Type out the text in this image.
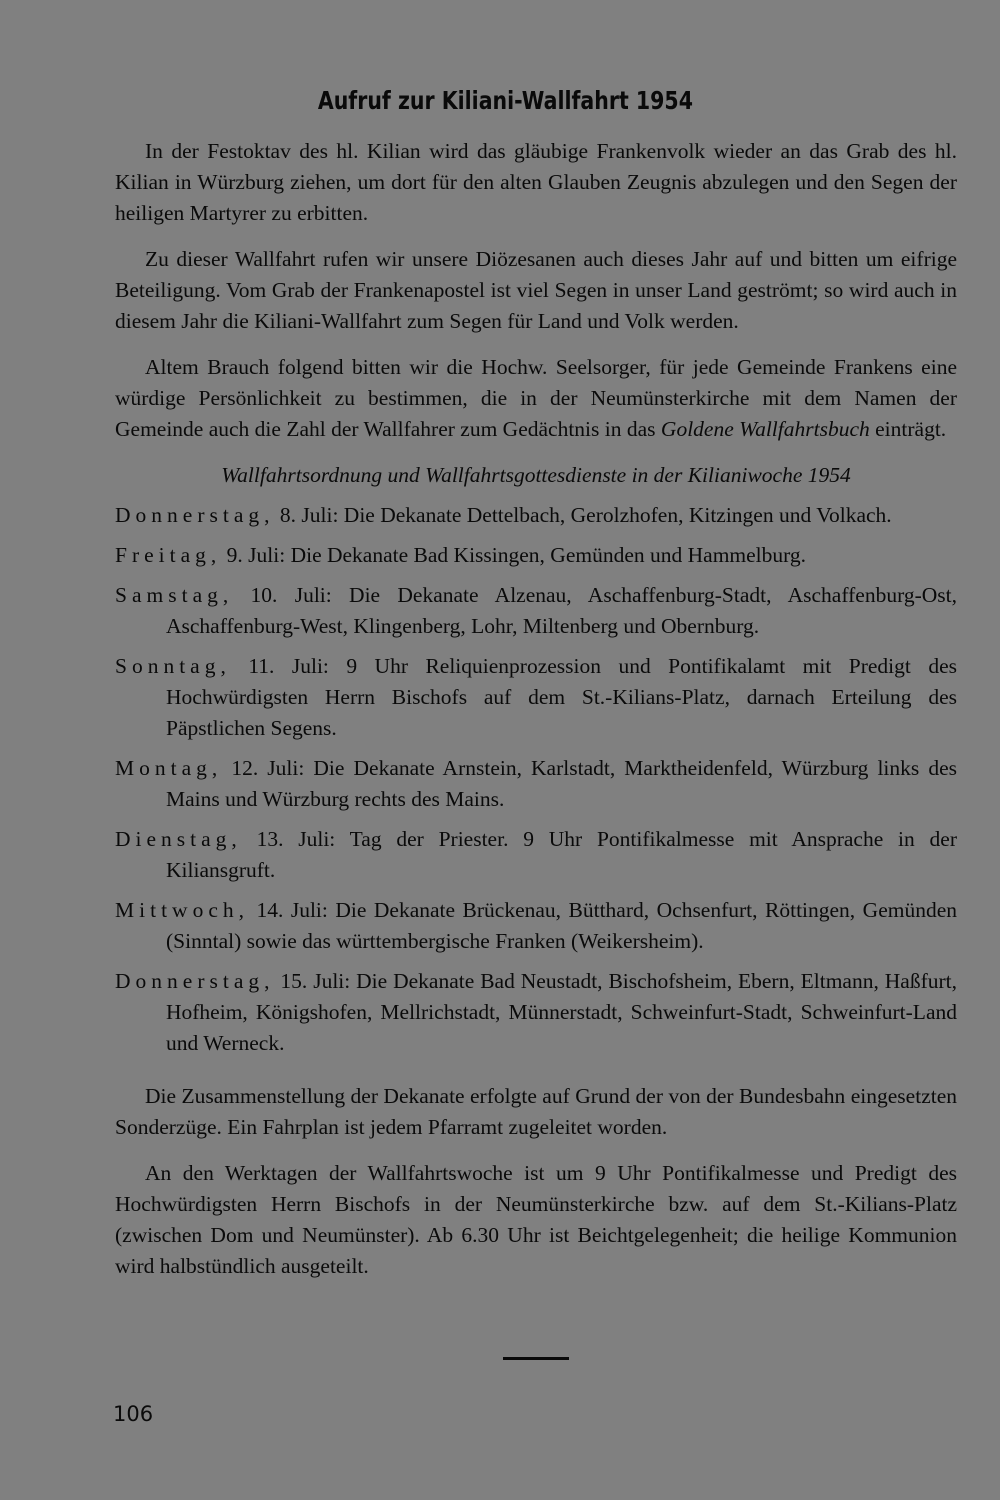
Aufruf zur Kiliani-Wallfahrt 1954

In der Festoktav des hl. Kilian wird das gläubige Frankenvolk wieder an das Grab des hl. Kilian in Würzburg ziehen, um dort für den alten Glauben Zeugnis abzulegen und den Segen der heiligen Martyrer zu erbitten.

Zu dieser Wallfahrt rufen wir unsere Diözesanen auch dieses Jahr auf und bitten um eifrige Beteiligung. Vom Grab der Frankenapostel ist viel Segen in unser Land geströmt; so wird auch in diesem Jahr die Kiliani-Wallfahrt zum Segen für Land und Volk werden.

Altem Brauch folgend bitten wir die Hochw. Seelsorger, für jede Gemeinde Frankens eine würdige Persönlichkeit zu bestimmen, die in der Neumünsterkirche mit dem Namen der Gemeinde auch die Zahl der Wallfahrer zum Gedächtnis in das Goldene Wallfahrtsbuch einträgt.

Wallfahrtsordnung und Wallfahrtsgottesdienste in der Kilianiwoche 1954
Donnerstag, 8. Juli: Die Dekanate Dettelbach, Gerolzhofen, Kitzingen und Volkach.
Freitag, 9. Juli: Die Dekanate Bad Kissingen, Gemünden und Hammelburg.
Samstag, 10. Juli: Die Dekanate Alzenau, Aschaffenburg-Stadt, Aschaffenburg-Ost, Aschaffenburg-West, Klingenberg, Lohr, Miltenberg und Obernburg.
Sonntag, 11. Juli: 9 Uhr Reliquienprozession und Pontifikalamt mit Predigt des Hochwürdigsten Herrn Bischofs auf dem St.-Kilians-Platz, darnach Erteilung des Päpstlichen Segens.
Montag, 12. Juli: Die Dekanate Arnstein, Karlstadt, Marktheidenfeld, Würzburg links des Mains und Würzburg rechts des Mains.
Dienstag, 13. Juli: Tag der Priester. 9 Uhr Pontifikalmesse mit Ansprache in der Kiliansgruft.
Mittwoch, 14. Juli: Die Dekanate Brückenau, Bütthard, Ochsenfurt, Röttingen, Gemünden (Sinntal) sowie das württembergische Franken (Weikersheim).
Donnerstag, 15. Juli: Die Dekanate Bad Neustadt, Bischofsheim, Ebern, Eltmann, Haßfurt, Hofheim, Königshofen, Mellrichstadt, Münnerstadt, Schweinfurt-Stadt, Schweinfurt-Land und Werneck.

Die Zusammenstellung der Dekanate erfolgte auf Grund der von der Bundesbahn eingesetzten Sonderzüge. Ein Fahrplan ist jedem Pfarramt zugeleitet worden.

An den Werktagen der Wallfahrtswoche ist um 9 Uhr Pontifikalmesse und Predigt des Hochwürdigsten Herrn Bischofs in der Neumünsterkirche bzw. auf dem St.-Kilians-Platz (zwischen Dom und Neumünster). Ab 6.30 Uhr ist Beichtgelegenheit; die heilige Kommunion wird halbstündlich ausgeteilt.

106
